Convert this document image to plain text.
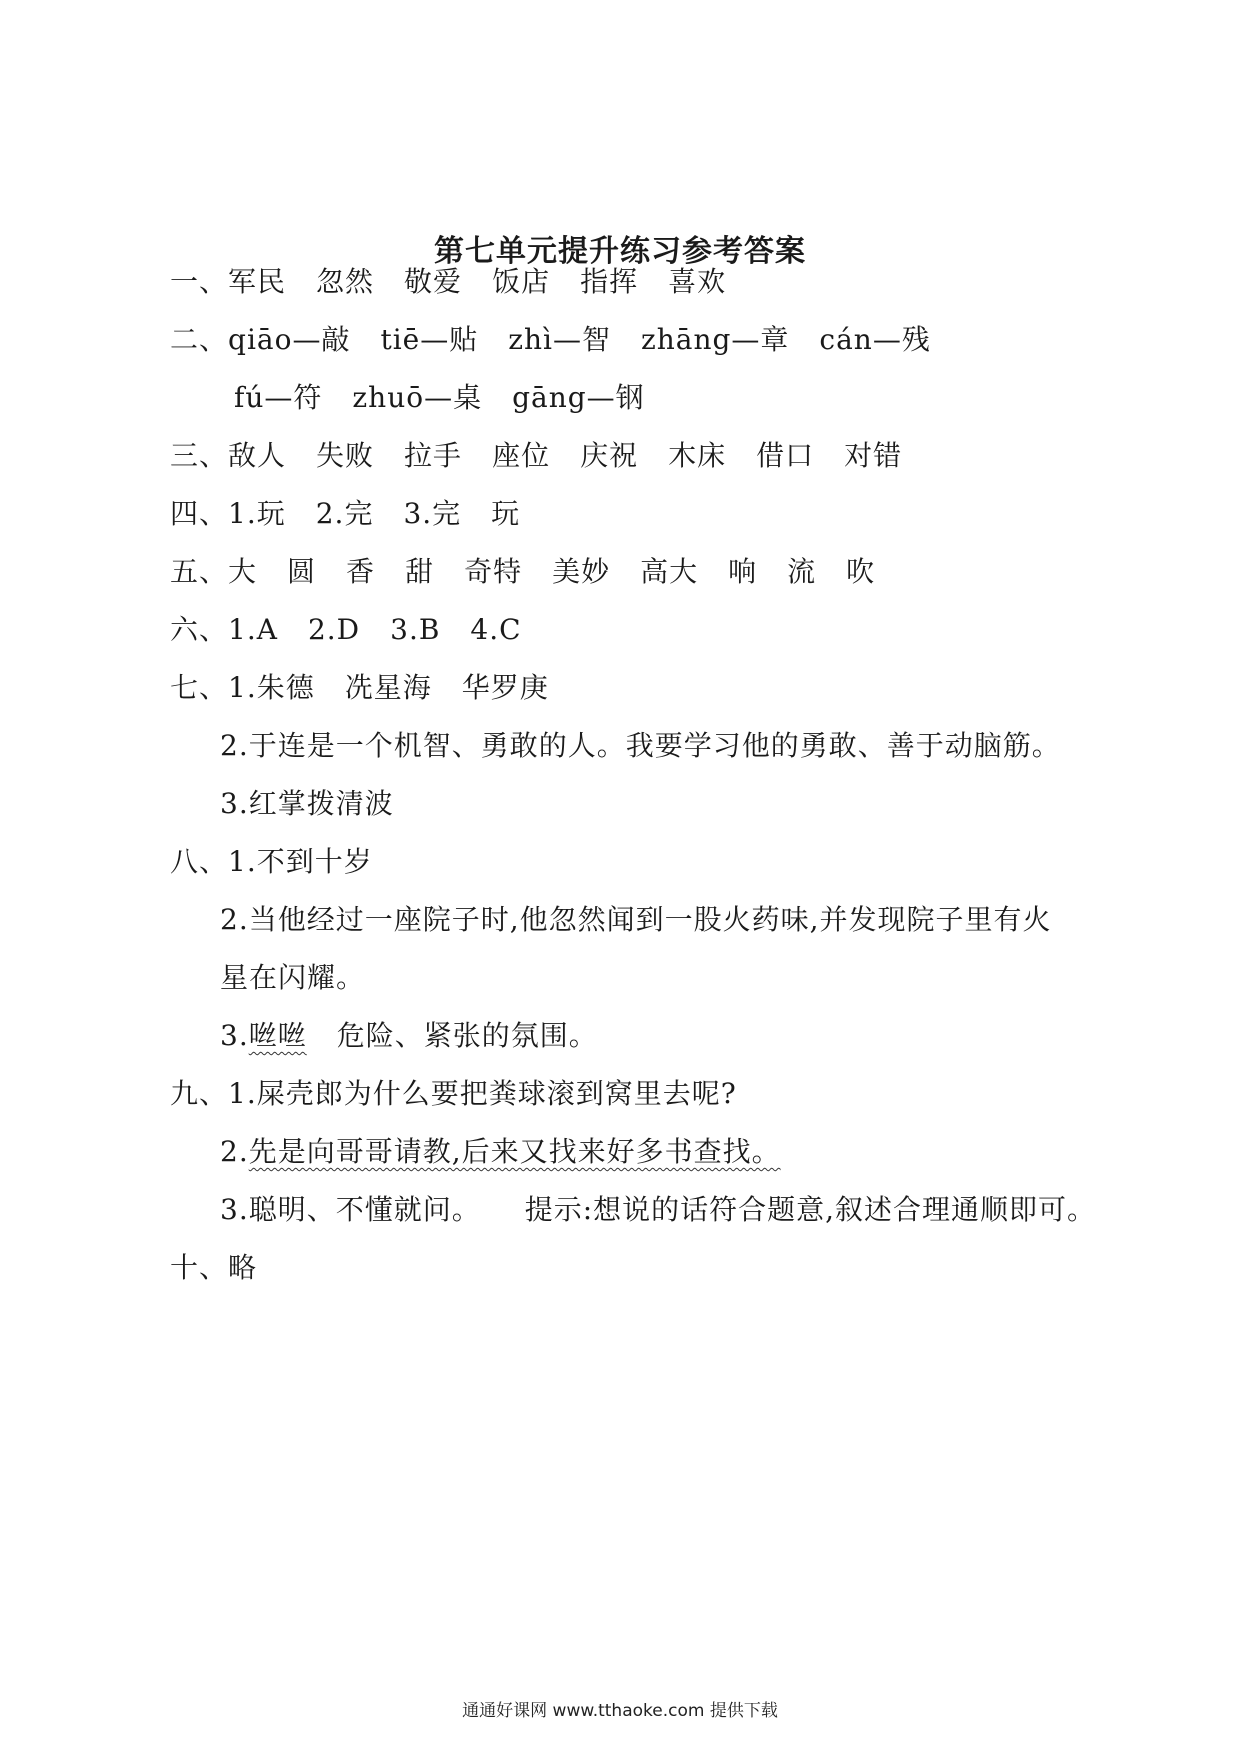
第七单元提升练习参考答案
一、军民 忽然 敬爱 饭店 指挥 喜欢
二、qiāo—敲 tiē—贴 zhì—智 zhāng—章 cán—残
fú—符 zhuō—桌 gāng—钢
三、敌人 失败 拉手 座位 庆祝 木床 借口 对错
四、1.玩 2.完 3.完 玩
五、大 圆 香 甜 奇特 美妙 高大 响 流 吹
六、1.A 2.D 3.B 4.C
七、1.朱德 冼星海 华罗庚
2.于连是一个机智、勇敢的人。我要学习他的勇敢、善于动脑筋。
3.红掌拨清波
八、1.不到十岁
2.当他经过一座院子时,他忽然闻到一股火药味,并发现院子里有火
星在闪耀。
3.咝咝 危险、紧张的氛围。
九、1.屎壳郎为什么要把粪球滚到窝里去呢?
2.先是向哥哥请教,后来又找来好多书查找。
3.聪明、不懂就问。 提示:想说的话符合题意,叙述合理通顺即可。
十、略
通通好课网 www.tthaoke.com 提供下载
